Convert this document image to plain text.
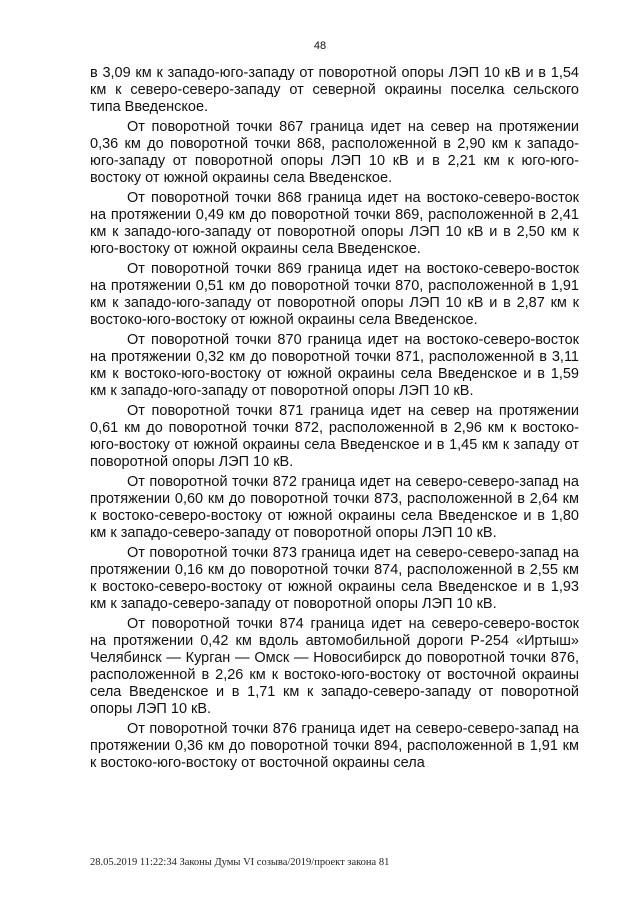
48

в 3,09 км к западо-юго-западу от поворотной опоры ЛЭП 10 кВ и в 1,54 км к северо-северо-западу от северной окраины поселка сельского типа Введенское.

От поворотной точки 867 граница идет на север на протяжении 0,36 км до поворотной точки 868, расположенной в 2,90 км к западо-юго-западу от поворотной опоры ЛЭП 10 кВ и в 2,21 км к юго-юго-востоку от южной окраины села Введенское.

От поворотной точки 868 граница идет на востоко-северо-восток на протяжении 0,49 км до поворотной точки 869, расположенной в 2,41 км к западо-юго-западу от поворотной опоры ЛЭП 10 кВ и в 2,50 км к юго-востоку от южной окраины села Введенское.

От поворотной точки 869 граница идет на востоко-северо-восток на протяжении 0,51 км до поворотной точки 870, расположенной в 1,91 км к западо-юго-западу от поворотной опоры ЛЭП 10 кВ и в 2,87 км к востоко-юго-востоку от южной окраины села Введенское.

От поворотной точки 870 граница идет на востоко-северо-восток на протяжении 0,32 км до поворотной точки 871, расположенной в 3,11 км к востоко-юго-востоку от южной окраины села Введенское и в 1,59 км к западо-юго-западу от поворотной опоры ЛЭП 10 кВ.

От поворотной точки 871 граница идет на север на протяжении 0,61 км до поворотной точки 872, расположенной в 2,96 км к востоко-юго-востоку от южной окраины села Введенское и в 1,45 км к западу от поворотной опоры ЛЭП 10 кВ.

От поворотной точки 872 граница идет на северо-северо-запад на протяжении 0,60 км до поворотной точки 873, расположенной в 2,64 км к востоко-северо-востоку от южной окраины села Введенское и в 1,80 км к западо-северо-западу от поворотной опоры ЛЭП 10 кВ.

От поворотной точки 873 граница идет на северо-северо-запад на протяжении 0,16 км до поворотной точки 874, расположенной в 2,55 км к востоко-северо-востоку от южной окраины села Введенское и в 1,93 км к западо-северо-западу от поворотной опоры ЛЭП 10 кВ.

От поворотной точки 874 граница идет на северо-северо-восток на протяжении 0,42 км вдоль автомобильной дороги Р-254 «Иртыш» Челябинск — Курган — Омск — Новосибирск до поворотной точки 876, расположенной в 2,26 км к востоко-юго-востоку от восточной окраины села Введенское и в 1,71 км к западо-северо-западу от поворотной опоры ЛЭП 10 кВ.

От поворотной точки 876 граница идет на северо-северо-запад на протяжении 0,36 км до поворотной точки 894, расположенной в 1,91 км к востоко-юго-востоку от восточной окраины села

28.05.2019 11:22:34 Законы Думы VI созыва/2019/проект закона 81
